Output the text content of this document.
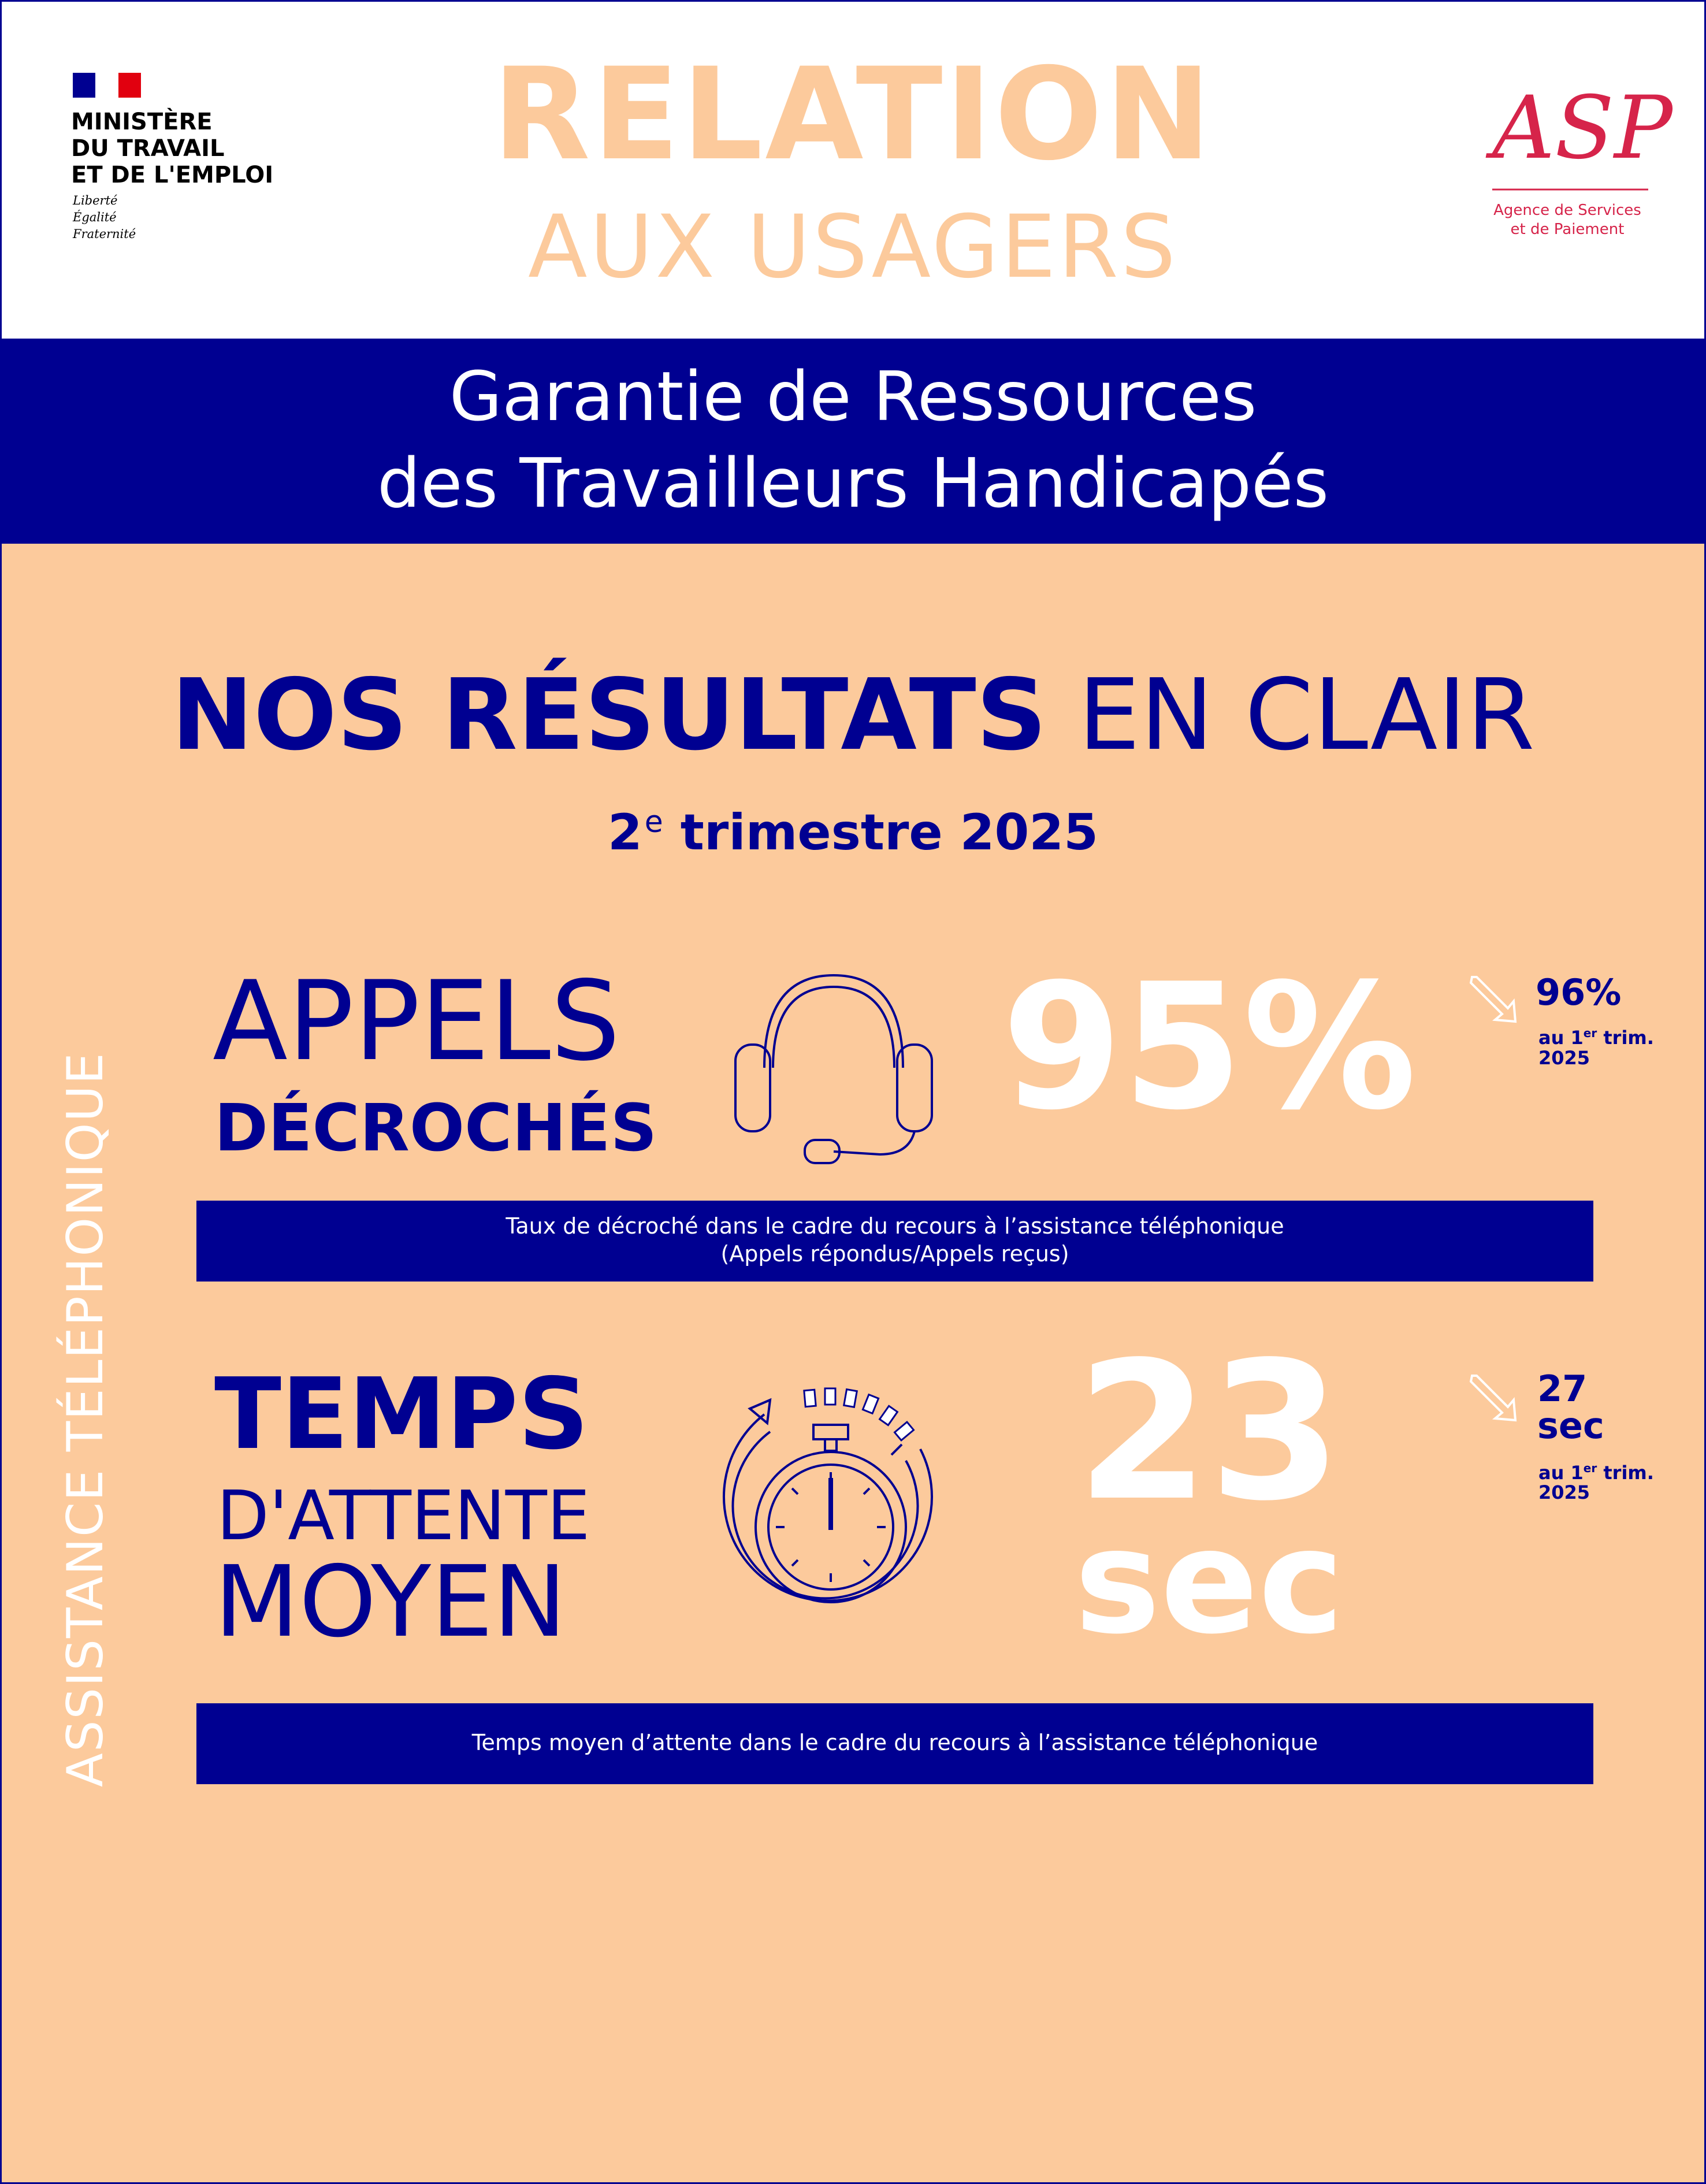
MINISTÈRE
DU TRAVAIL
ET DE L'EMPLOI
Liberté
Égalité
Fraternité
RELATION
AUX USAGERS
ASP
Agence de Services
et de Paiement
Garantie de Ressources
des Travailleurs Handicapés
NOS RÉSULTATS EN CLAIR
2e trimestre 2025
ASSISTANCE TÉLÉPHONIQUE
APPELS
DÉCROCHÉS 95%	96%
au 1er trim.
2025
Taux de décroché dans le cadre du recours à l’assistance téléphonique
(Appels répondus/Appels reçus)
TEMPS
D'ATTENTE
MOYEN
23
sec
27
sec
au 1er trim.
2025
Temps moyen d’attente dans le cadre du recours à l’assistance téléphonique
